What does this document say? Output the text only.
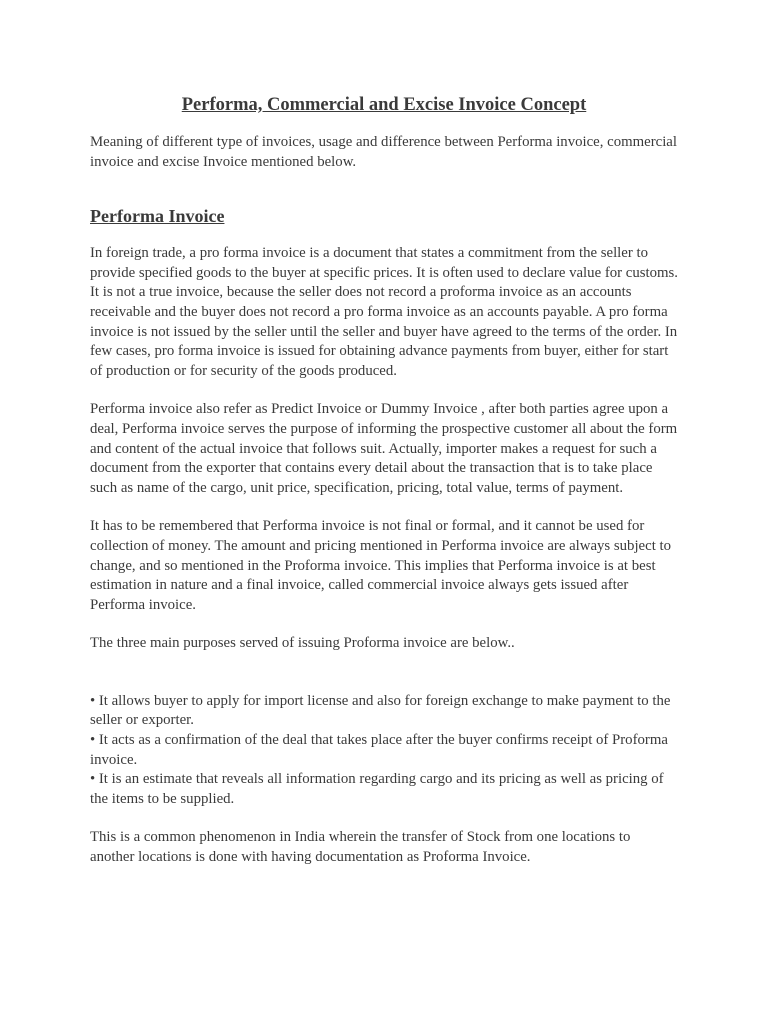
Performa, Commercial and Excise Invoice Concept

Meaning of different type of invoices, usage and difference between Performa invoice, commercial invoice and excise Invoice mentioned below.

Performa Invoice

In foreign trade, a pro forma invoice is a document that states a commitment from the seller to provide specified goods to the buyer at specific prices. It is often used to declare value for customs. It is not a true invoice, because the seller does not record a proforma invoice as an accounts receivable and the buyer does not record a pro forma invoice as an accounts payable. A pro forma invoice is not issued by the seller until the seller and buyer have agreed to the terms of the order. In few cases, pro forma invoice is issued for obtaining advance payments from buyer, either for start of production or for security of the goods produced.

Performa invoice also refer as Predict Invoice or Dummy Invoice , after both parties agree upon a deal, Performa invoice serves the purpose of informing the prospective customer all about the form and content of the actual invoice that follows suit. Actually, importer makes a request for such a document from the exporter that contains every detail about the transaction that is to take place such as name of the cargo, unit price, specification, pricing, total value, terms of payment.

It has to be remembered that Performa invoice is not final or formal, and it cannot be used for collection of money. The amount and pricing mentioned in Performa invoice are always subject to change, and so mentioned in the Proforma invoice. This implies that Performa invoice is at best estimation in nature and a final invoice, called commercial invoice always gets issued after Performa invoice.

The three main purposes served of issuing Proforma invoice are below..

• It allows buyer to apply for import license and also for foreign exchange to make payment to the seller or exporter.
• It acts as a confirmation of the deal that takes place after the buyer confirms receipt of Proforma invoice.
• It is an estimate that reveals all information regarding cargo and its pricing as well as pricing of the items to be supplied.

This is a common phenomenon in India wherein the transfer of Stock from one locations to another locations is done with having documentation as Proforma Invoice.
